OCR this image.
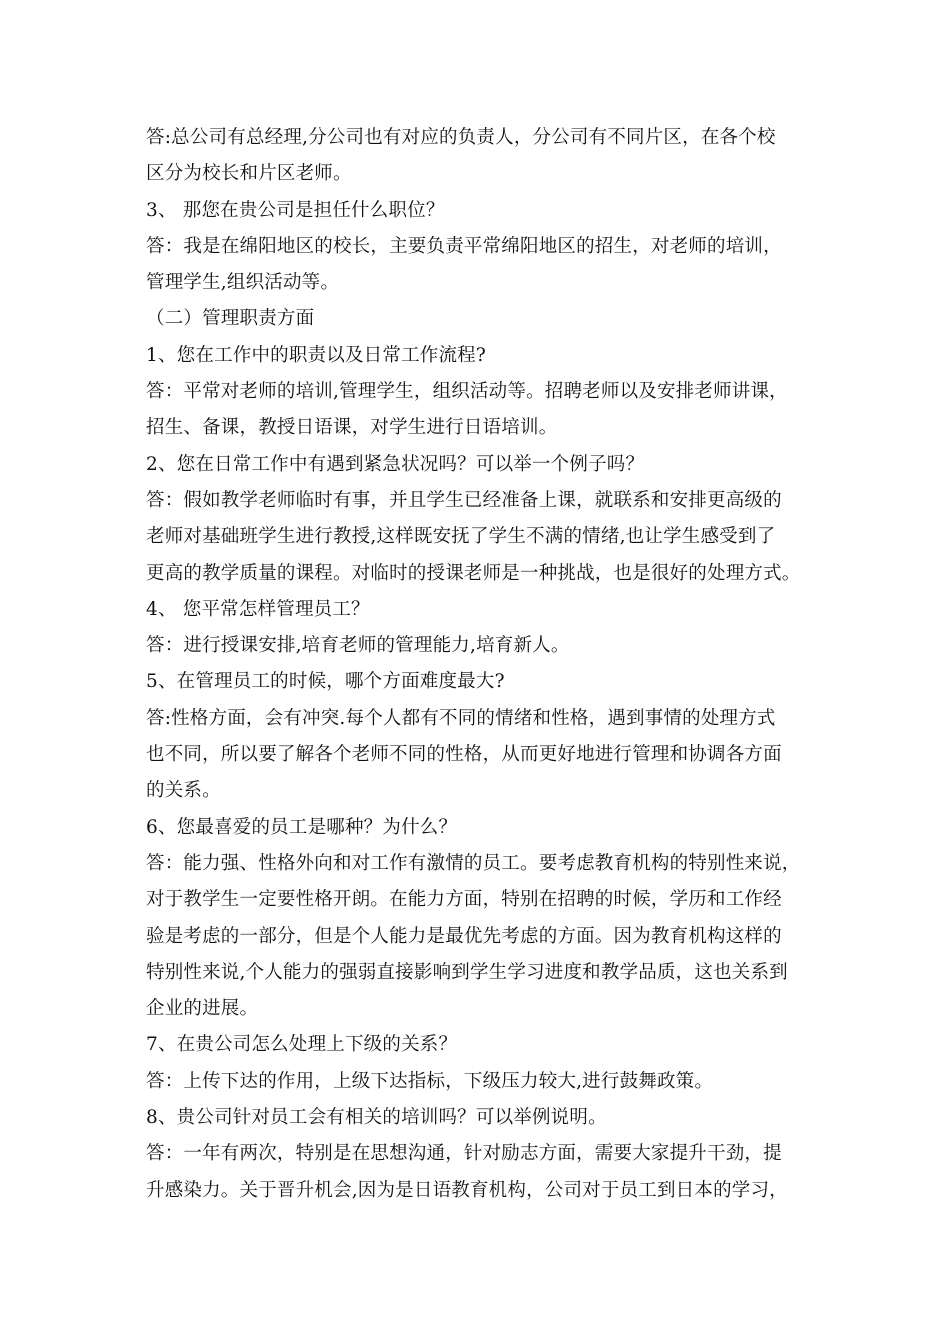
答:总公司有总经理,分公司也有对应的负责人，分公司有不同片区，在各个校
区分为校长和片区老师。
3、 那您在贵公司是担任什么职位？
答：我是在绵阳地区的校长，主要负责平常绵阳地区的招生，对老师的培训，
管理学生,组织活动等。
（二）管理职责方面
1、您在工作中的职责以及日常工作流程?
答：平常对老师的培训,管理学生，组织活动等。招聘老师以及安排老师讲课，
招生、备课，教授日语课，对学生进行日语培训。
2、您在日常工作中有遇到紧急状况吗？可以举一个例子吗？
答：假如教学老师临时有事，并且学生已经准备上课，就联系和安排更高级的
老师对基础班学生进行教授,这样既安抚了学生不满的情绪,也让学生感受到了
更高的教学质量的课程。对临时的授课老师是一种挑战，也是很好的处理方式。
4、 您平常怎样管理员工？
答：进行授课安排,培育老师的管理能力,培育新人。
5、在管理员工的时候，哪个方面难度最大?
答:性格方面，会有冲突.每个人都有不同的情绪和性格，遇到事情的处理方式
也不同，所以要了解各个老师不同的性格，从而更好地进行管理和协调各方面
的关系。
6、您最喜爱的员工是哪种？为什么？
答：能力强、性格外向和对工作有激情的员工。要考虑教育机构的特别性来说，
对于教学生一定要性格开朗。在能力方面，特别在招聘的时候，学历和工作经
验是考虑的一部分，但是个人能力是最优先考虑的方面。因为教育机构这样的
特别性来说,个人能力的强弱直接影响到学生学习进度和教学品质，这也关系到
企业的进展。
7、在贵公司怎么处理上下级的关系？
答：上传下达的作用，上级下达指标，下级压力较大,进行鼓舞政策。
8、贵公司针对员工会有相关的培训吗？可以举例说明。
答：一年有两次，特别是在思想沟通，针对励志方面，需要大家提升干劲，提
升感染力。关于晋升机会,因为是日语教育机构，公司对于员工到日本的学习，
